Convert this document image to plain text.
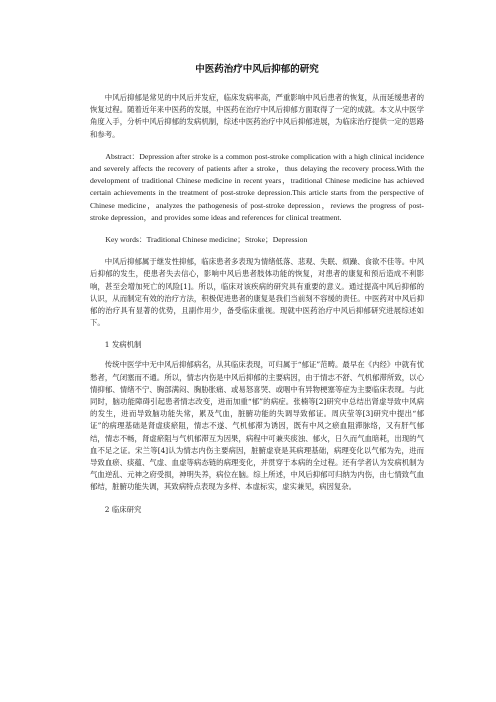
中医药治疗中风后抑郁的研究

中风后抑郁是常见的中风后并发症，临床发病率高，严重影响中风后患者的恢复，从而延缓患者的恢复过程。随着近年来中医药的发展，中医药在治疗中风后抑郁方面取得了一定的成就。本文从中医学角度入手，分析中风后抑郁的发病机制，综述中医药治疗中风后抑郁进展，为临床治疗提供一定的思路和参考。

Abstract：Depression after stroke is a common post-stroke complication with a high clinical incidence and severely affects the recovery of patients after a stroke，thus delaying the recovery process.With the development of traditional Chinese medicine in recent years，traditional Chinese medicine has achieved certain achievements in the treatment of post-stroke depression.This article starts from the perspective of Chinese medicine，analyzes the pathogenesis of post-stroke depression，reviews the progress of post-stroke depression，and provides some ideas and references for clinical treatment.

Key words：Traditional Chinese medicine；Stroke；Depression

中风后抑郁属于继发性抑郁，临床患者多表现为情绪低落、悲观、失眠、烦躁、食欲不佳等。中风后抑郁的发生，使患者失去信心，影响中风后患者肢体功能的恢复，对患者的康复和预后造成不利影响，甚至会增加死亡的风险[1]。所以，临床对该疾病的研究具有重要的意义。通过提高中风后抑郁的认识，从而制定有效的治疗方法，积极促进患者的康复是我们当前刻不容缓的责任。中医药对中风后抑郁的治疗具有显著的优势，且副作用少，备受临床重视。现就中医药治疗中风后抑郁研究进展综述如下。

1 发病机制

传统中医学中无中风后抑郁病名，从其临床表现，可归属于“郁证”范畴。最早在《内经》中就有忧愁者，气闭塞而不通。所以，情志内伤是中风后抑郁的主要病因，由于情志不舒、气机郁滞所致，以心情抑郁、情绪不宁、胸部满闷、胸胁胀痛、或易怒喜哭、或咽中有异物梗塞等症为主要临床表现。与此同时，脑功能障碍引起患者情志改变，进而加重“郁”的病症。张楠等[2]研究中总结出肾虚导致中风病的发生，进而导致脑功能失常，累及气血，脏腑功能的失调导致郁证。周庆莹等[3]研究中提出“郁证”的病理基础是肾虚痰瘀阻，情志不遂、气机郁滞为诱因，既有中风之瘀血阻滞脉络，又有肝气郁结，情志不畅，肾虚瘀阻与气机郁滞互为因果，病程中可兼夹痰浊、郁火，日久而气血暗耗，出现的气血不足之证。宋兰等[4]认为情志内伤主要病因，脏腑虚衰是其病理基础，病理变化以气郁为先，进而导致血瘀、痰蕴、气虚、血虚等病态链的病理变化，并贯穿于本病的全过程。还有学者认为发病机制为气血逆乱、元神之府受损，神明失养，病位在脑。综上所述，中风后抑郁可归纳为内伤，由七情致气血郁结，脏腑功能失调，其致病特点表现为多样、本虚标实，虚实兼见，病因复杂。

2 临床研究
